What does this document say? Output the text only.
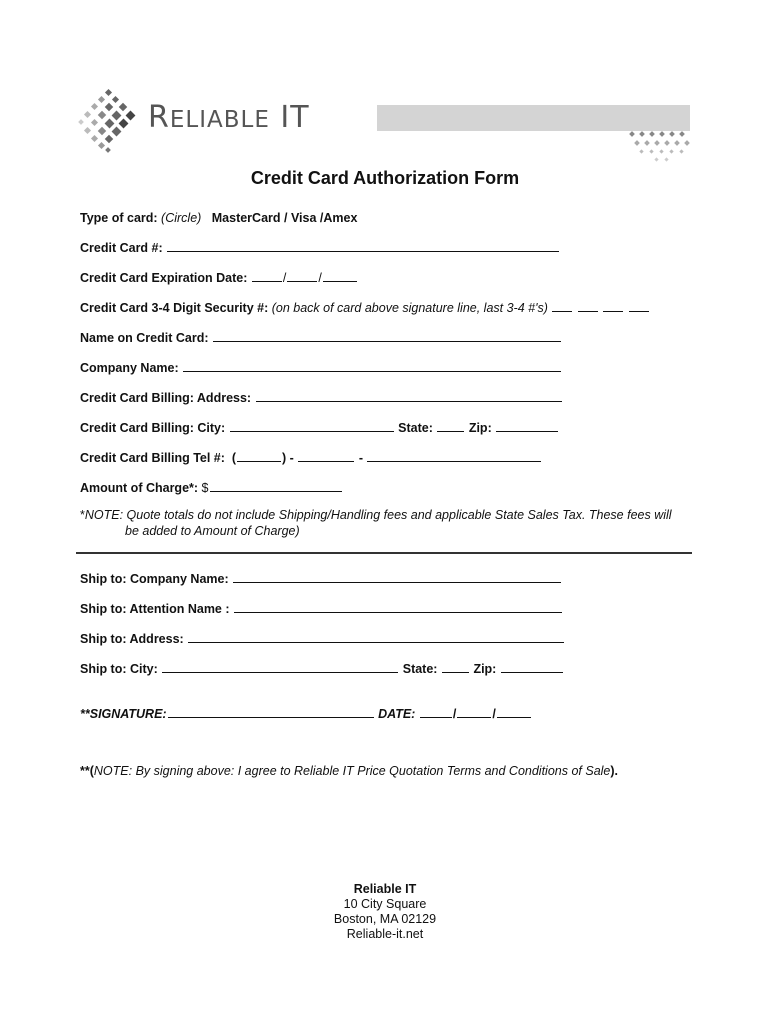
RELIABLE IT
Credit Card Authorization Form
Type of card: (Circle) MasterCard / Visa /Amex
Credit Card #:
Credit Card Expiration Date:	/	/
Credit Card 3-4 Digit Security #: (on back of card above signature line, last 3-4 #'s)
Name on Credit Card:
Company Name:
Credit Card Billing: Address:
Credit Card Billing: City:	State:	Zip:
Credit Card Billing Tel #: (	) -	-
Amount of Charge*: $
*NOTE: Quote totals do not include Shipping/Handling fees and applicable State Sales Tax. These fees will
be added to Amount of Charge)
Ship to: Company Name:
Ship to: Attention Name :
Ship to: Address:
Ship to: City:	State:	Zip:
**SIGNATURE:	DATE:	/	/
**(NOTE: By signing above: I agree to Reliable IT Price Quotation Terms and Conditions of Sale).
Reliable IT
10 City Square
Boston, MA 02129
Reliable-it.net
